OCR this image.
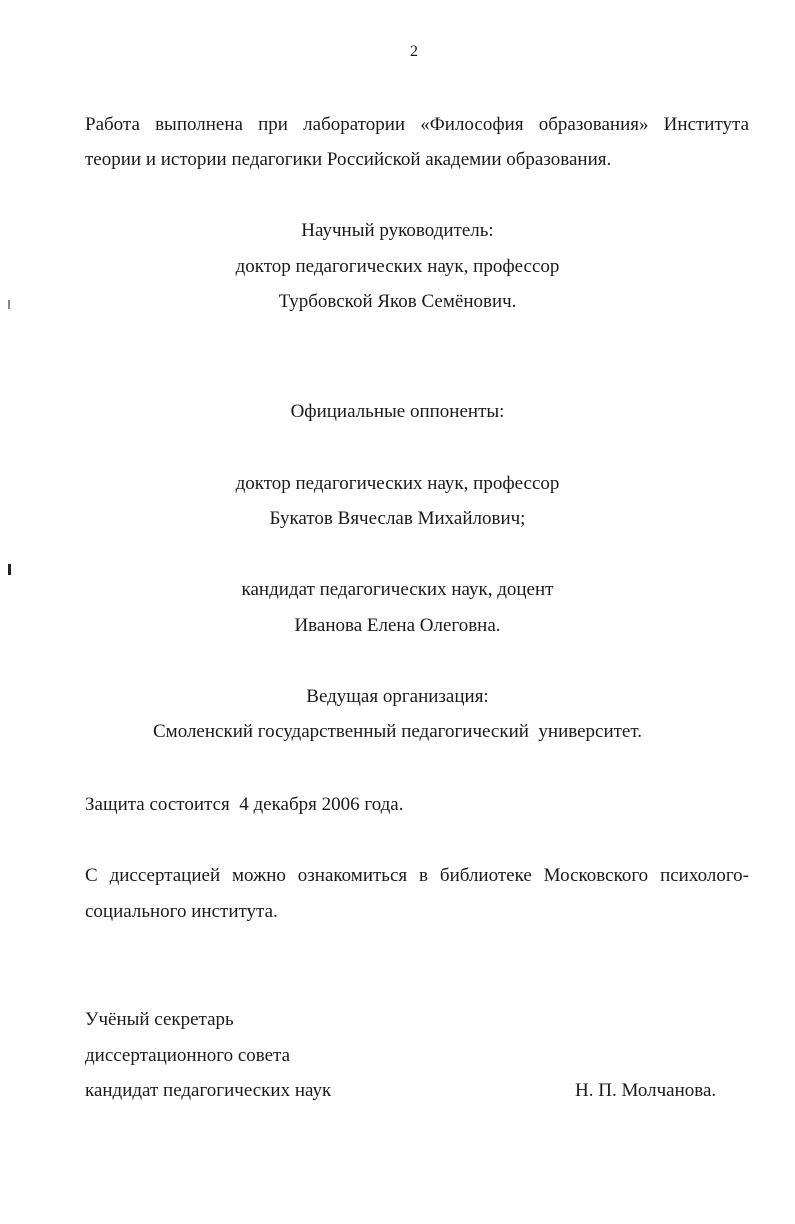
2
Работа выполнена при лаборатории «Философия образования» Института
теории и истории педагогики Российской академии образования.
Научный руководитель:
доктор педагогических наук, профессор
Турбовской Яков Семёнович.
Официальные оппоненты:
доктор педагогических наук, профессор
Букатов Вячеслав Михайлович;
кандидат педагогических наук, доцент
Иванова Елена Олеговна.
Ведущая организация:
Смоленский государственный педагогический  университет.
Защита состоится  4 декабря 2006 года.
С диссертацией можно ознакомиться в библиотеке Московского психолого-
социального института.
Учёный секретарь
диссертационного совета
кандидат педагогических наук	Н. П. Молчанова.
